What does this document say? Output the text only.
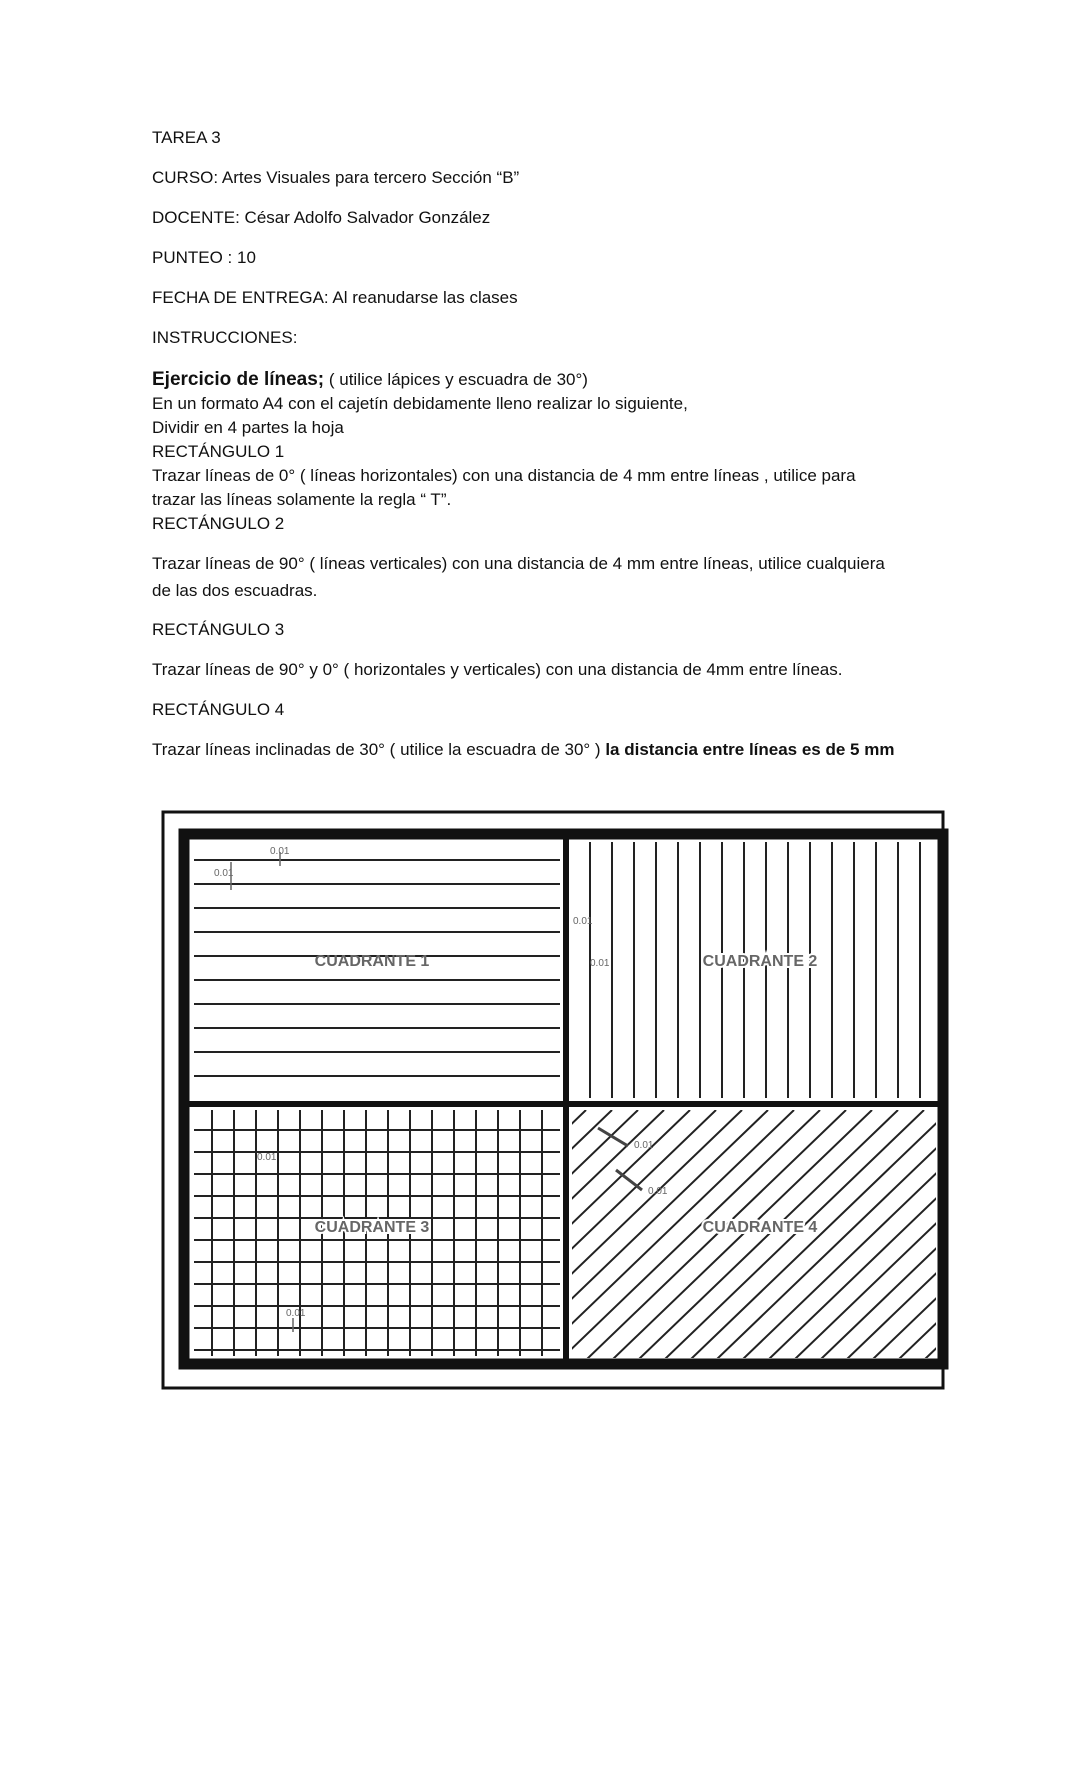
TAREA 3
CURSO: Artes Visuales para tercero Sección “B”
DOCENTE: César Adolfo Salvador González
PUNTEO : 10
FECHA DE ENTREGA: Al reanudarse las clases
INSTRUCCIONES:
Ejercicio de líneas; ( utilice lápices y escuadra de 30°)
En un formato A4 con el cajetín debidamente lleno realizar lo siguiente,
Dividir en 4 partes la hoja
RECTÁNGULO 1
Trazar líneas de 0° ( líneas horizontales) con una distancia de 4 mm entre líneas , utilice para
trazar las líneas solamente la regla “ T”.
RECTÁNGULO 2
Trazar líneas de 90° ( líneas verticales) con una distancia de 4 mm entre líneas, utilice cualquiera
de las dos escuadras.
RECTÁNGULO 3
Trazar líneas de 90° y 0° ( horizontales y verticales) con una distancia de 4mm entre líneas.
RECTÁNGULO 4
Trazar líneas inclinadas de 30° ( utilice la escuadra de 30° ) la distancia entre líneas es de 5 mm
CUADRANTE 1	CUADRANTE 2
CUADRANTE 3	CUADRANTE 4
0.01
0.01
0.01
0.01
0.01
0.01
0.01
0.01
